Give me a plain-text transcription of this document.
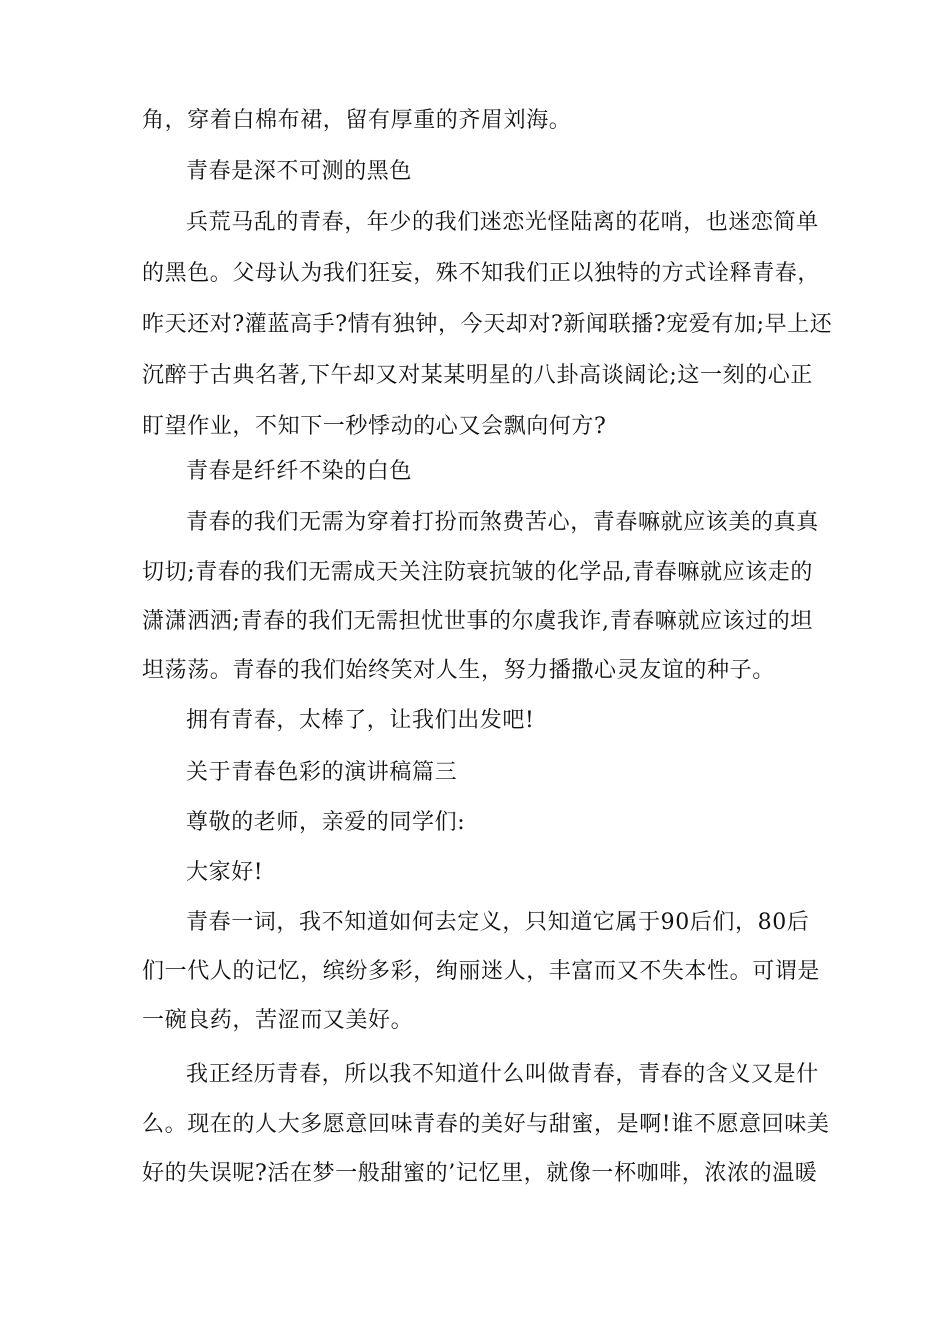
角，穿着白棉布裙，留有厚重的齐眉刘海。
青春是深不可测的黑色
兵荒马乱的青春，年少的我们迷恋光怪陆离的花哨，也迷恋简单
的黑色。父母认为我们狂妄，殊不知我们正以独特的方式诠释青春，
昨天还对?灌蓝高手?情有独钟，今天却对?新闻联播?宠爱有加;早上还
沉醉于古典名著,下午却又对某某明星的八卦高谈阔论;这一刻的心正
盯望作业，不知下一秒悸动的心又会飘向何方?
青春是纤纤不染的白色
青春的我们无需为穿着打扮而煞费苦心，青春嘛就应该美的真真
切切;青春的我们无需成天关注防衰抗皱的化学品,青春嘛就应该走的
潇潇洒洒;青春的我们无需担忧世事的尔虞我诈,青春嘛就应该过的坦
坦荡荡。青春的我们始终笑对人生，努力播撒心灵友谊的种子。
拥有青春，太棒了，让我们出发吧!
关于青春色彩的演讲稿篇三
尊敬的老师，亲爱的同学们:
大家好!
青春一词，我不知道如何去定义，只知道它属于90后们，80后
们一代人的记忆，缤纷多彩，绚丽迷人，丰富而又不失本性。可谓是
一碗良药，苦涩而又美好。
我正经历青春，所以我不知道什么叫做青春，青春的含义又是什
么。现在的人大多愿意回味青春的美好与甜蜜，是啊!谁不愿意回味美
好的失误呢?活在梦一般甜蜜的’记忆里，就像一杯咖啡，浓浓的温暖
